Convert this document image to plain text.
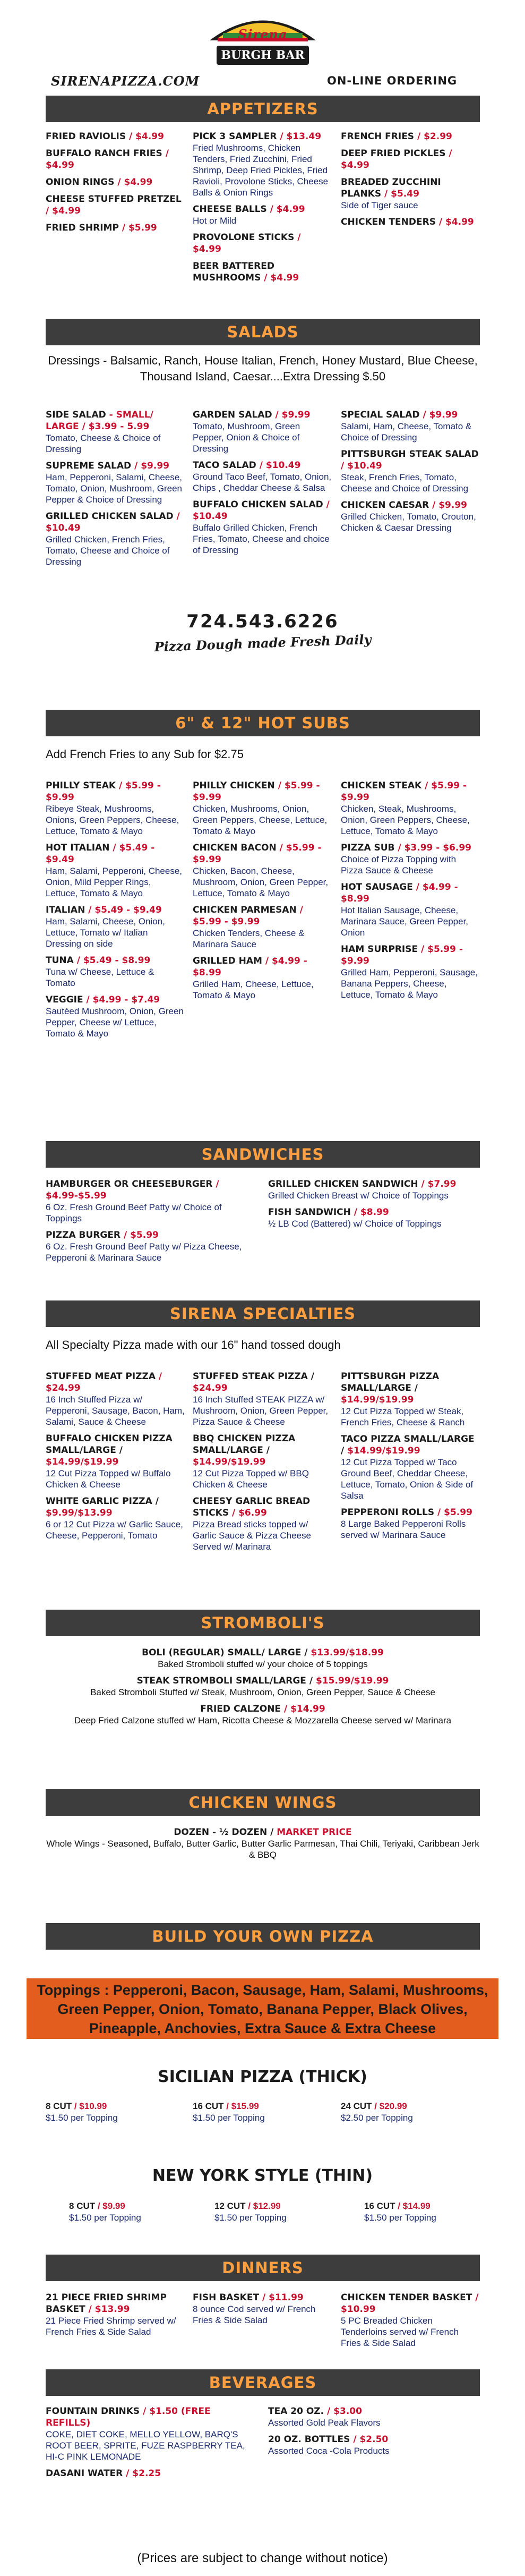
Sirena
BURGH BAR
SIRENAPIZZA.COM	ON-LINE ORDERING
APPETIZERS
FRIED RAVIOLIS / $4.99
BUFFALO RANCH FRIES / $4.99
ONION RINGS / $4.99
CHEESE STUFFED PRETZEL / $4.99
FRIED SHRIMP / $5.99
PICK 3 SAMPLER / $13.49
Fried Mushrooms, Chicken Tenders, Fried Zucchini, Fried Shrimp, Deep Fried Pickles, Fried Ravioli, Provolone Sticks, Cheese Balls & Onion Rings
CHEESE BALLS / $4.99
Hot or Mild
PROVOLONE STICKS / $4.99
BEER BATTERED MUSHROOMS / $4.99
FRENCH FRIES / $2.99
DEEP FRIED PICKLES / $4.99
BREADED ZUCCHINI PLANKS / $5.49
Side of Tiger sauce
CHICKEN TENDERS / $4.99
SALADS
Dressings - Balsamic, Ranch, House Italian, French, Honey Mustard, Blue Cheese, Thousand Island, Caesar....Extra Dressing $.50
SIDE SALAD - SMALL/ LARGE / $3.99 - 5.99
Tomato, Cheese & Choice of Dressing
SUPREME SALAD / $9.99
Ham, Pepperoni, Salami, Cheese, Tomato, Onion, Mushroom, Green Pepper & Choice of Dressing
GRILLED CHICKEN SALAD / $10.49
Grilled Chicken, French Fries, Tomato, Cheese and Choice of Dressing
GARDEN SALAD / $9.99
Tomato, Mushroom, Green Pepper, Onion & Choice of Dressing
TACO SALAD / $10.49
Ground Taco Beef, Tomato, Onion, Chips , Cheddar Cheese & Salsa
BUFFALO CHICKEN SALAD / $10.49
Buffalo Grilled Chicken, French Fries, Tomato, Cheese and choice of Dressing
SPECIAL SALAD / $9.99
Salami, Ham, Cheese, Tomato & Choice of Dressing
PITTSBURGH STEAK SALAD / $10.49
Steak, French Fries, Tomato, Cheese and Choice of Dressing
CHICKEN CAESAR / $9.99
Grilled Chicken, Tomato, Crouton, Chicken & Caesar Dressing
724.543.6226
Pizza Dough made Fresh Daily
6" & 12" HOT SUBS
Add French Fries to any Sub for $2.75
PHILLY STEAK / $5.99 - $9.99
Ribeye Steak, Mushrooms, Onions, Green Peppers, Cheese, Lettuce, Tomato & Mayo
HOT ITALIAN / $5.49 - $9.49
Ham, Salami, Pepperoni, Cheese, Onion, Mild Pepper Rings, Lettuce, Tomato & Mayo
ITALIAN / $5.49 - $9.49
Ham, Salami, Cheese, Onion, Lettuce, Tomato w/ Italian Dressing on side
TUNA / $5.49 - $8.99
Tuna w/ Cheese, Lettuce & Tomato
VEGGIE / $4.99 - $7.49
Sautéed Mushroom, Onion, Green Pepper, Cheese w/ Lettuce, Tomato & Mayo
PHILLY CHICKEN / $5.99 - $9.99
Chicken, Mushrooms, Onion, Green Peppers, Cheese, Lettuce, Tomato & Mayo
CHICKEN BACON / $5.99 - $9.99
Chicken, Bacon, Cheese, Mushroom, Onion, Green Pepper, Lettuce, Tomato & Mayo
CHICKEN PARMESAN / $5.99 - $9.99
Chicken Tenders, Cheese & Marinara Sauce
GRILLED HAM / $4.99 - $8.99
Grilled Ham, Cheese, Lettuce, Tomato & Mayo
CHICKEN STEAK / $5.99 - $9.99
Chicken, Steak, Mushrooms, Onion, Green Peppers, Cheese, Lettuce, Tomato & Mayo
PIZZA SUB / $3.99 - $6.99
Choice of Pizza Topping with Pizza Sauce & Cheese
HOT SAUSAGE / $4.99 - $8.99
Hot Italian Sausage, Cheese, Marinara Sauce, Green Pepper, Onion
HAM SURPRISE / $5.99 - $9.99
Grilled Ham, Pepperoni, Sausage, Banana Peppers, Cheese, Lettuce, Tomato & Mayo
SANDWICHES
HAMBURGER OR CHEESEBURGER / $4.99-$5.99
6 Oz. Fresh Ground Beef Patty w/ Choice of Toppings
PIZZA BURGER / $5.99
6 Oz. Fresh Ground Beef Patty w/ Pizza Cheese, Pepperoni & Marinara Sauce
GRILLED CHICKEN SANDWICH / $7.99
Grilled Chicken Breast w/ Choice of Toppings
FISH SANDWICH / $8.99
½ LB Cod (Battered) w/ Choice of Toppings
SIRENA SPECIALTIES
All Specialty Pizza made with our 16" hand tossed dough
STUFFED MEAT PIZZA / $24.99
16 Inch Stuffed Pizza w/ Pepperoni, Sausage, Bacon, Ham, Salami, Sauce & Cheese
BUFFALO CHICKEN PIZZA SMALL/LARGE / $14.99/$19.99
12 Cut Pizza Topped w/ Buffalo Chicken & Cheese
WHITE GARLIC PIZZA / $9.99/$13.99
6 or 12 Cut Pizza w/ Garlic Sauce, Cheese, Pepperoni, Tomato
STUFFED STEAK PIZZA / $24.99
16 Inch Stuffed STEAK PIZZA w/ Mushroom, Onion, Green Pepper, Pizza Sauce & Cheese
BBQ CHICKEN PIZZA SMALL/LARGE / $14.99/$19.99
12 Cut Pizza Topped w/ BBQ Chicken & Cheese
CHEESY GARLIC BREAD STICKS / $6.99
Pizza Bread sticks topped w/ Garlic Sauce & Pizza Cheese Served w/ Marinara
PITTSBURGH PIZZA SMALL/LARGE / $14.99/$19.99
12 Cut Pizza Topped w/ Steak, French Fries, Cheese & Ranch
TACO PIZZA SMALL/LARGE / $14.99/$19.99
12 Cut Pizza Topped w/ Taco Ground Beef, Cheddar Cheese, Lettuce, Tomato, Onion & Side of Salsa
PEPPERONI ROLLS / $5.99
8 Large Baked Pepperoni Rolls served w/ Marinara Sauce
STROMBOLI'S
BOLI (REGULAR) SMALL/ LARGE / $13.99/$18.99
Baked Stromboli stuffed w/ your choice of 5 toppings
STEAK STROMBOLI SMALL/LARGE / $15.99/$19.99
Baked Stromboli Stuffed w/ Steak, Mushroom, Onion, Green Pepper, Sauce & Cheese
FRIED CALZONE / $14.99
Deep Fried Calzone stuffed w/ Ham, Ricotta Cheese & Mozzarella Cheese served w/ Marinara
CHICKEN WINGS
DOZEN - ½ DOZEN / MARKET PRICE
Whole Wings - Seasoned, Buffalo, Butter Garlic, Butter Garlic Parmesan, Thai Chili, Teriyaki, Caribbean Jerk & BBQ
BUILD YOUR OWN PIZZA
Toppings : Pepperoni, Bacon, Sausage, Ham, Salami, Mushrooms, Green Pepper, Onion, Tomato, Banana Pepper, Black Olives, Pineapple, Anchovies, Extra Sauce & Extra Cheese
SICILIAN PIZZA (THICK)
8 CUT / $10.99
$1.50 per Topping
16 CUT / $15.99
$1.50 per Topping
24 CUT / $20.99
$2.50 per Topping
NEW YORK STYLE (THIN)
8 CUT / $9.99
$1.50 per Topping
12 CUT / $12.99
$1.50 per Topping
16 CUT / $14.99
$1.50 per Topping
DINNERS
21 PIECE FRIED SHRIMP BASKET / $13.99
21 Piece Fried Shrimp served w/ French Fries & Side Salad
FISH BASKET / $11.99
8 ounce Cod served w/ French Fries & Side Salad
CHICKEN TENDER BASKET / $10.99
5 PC Breaded Chicken Tenderloins served w/ French Fries & Side Salad
BEVERAGES
FOUNTAIN DRINKS / $1.50 (FREE REFILLS)
COKE, DIET COKE, MELLO YELLOW, BARQ'S ROOT BEER, SPRITE, FUZE RASPBERRY TEA, HI-C PINK LEMONADE
DASANI WATER / $2.25
TEA 20 OZ. / $3.00
Assorted Gold Peak Flavors
20 OZ. BOTTLES / $2.50
Assorted Coca -Cola Products
(Prices are subject to change without notice)
